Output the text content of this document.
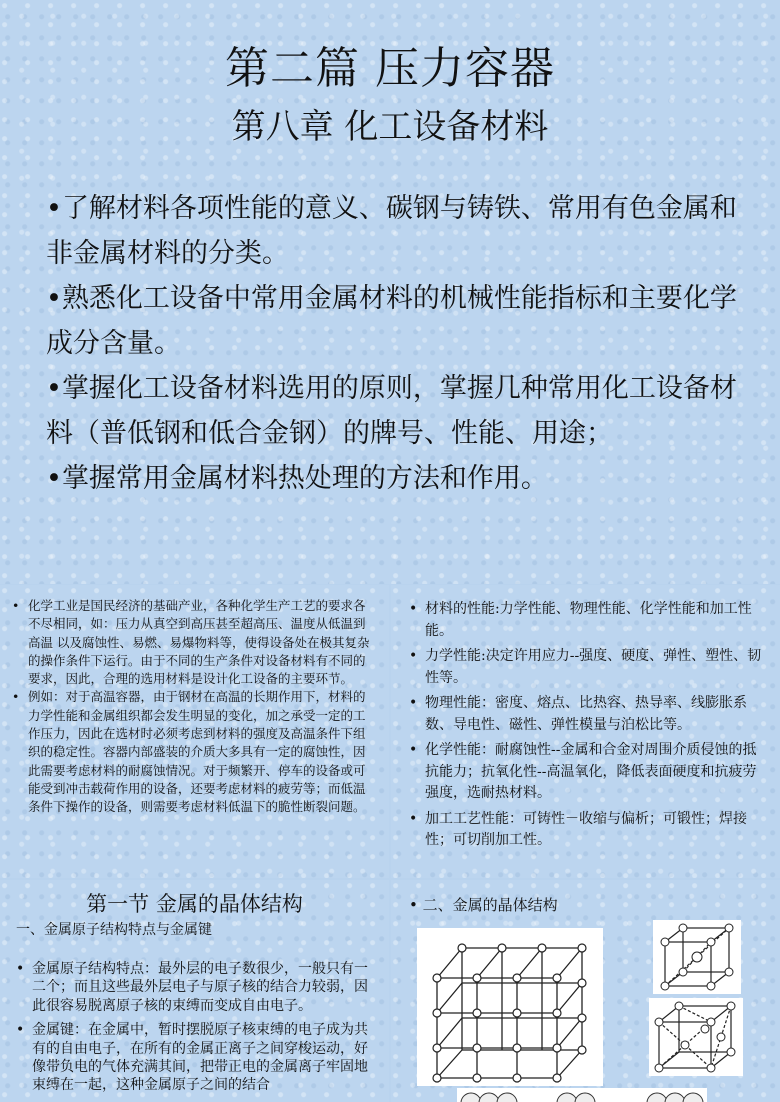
第二篇 压力容器
第八章 化工设备材料
• 了解材料各项性能的意义、碳钢与铸铁、常用有色金属和非金属材料的分类。
• 熟悉化工设备中常用金属材料的机械性能指标和主要化学成分含量。
• 掌握化工设备材料选用的原则，掌握几种常用化工设备材料（普低钢和低合金钢）的牌号、性能、用途；
• 掌握常用金属材料热处理的方法和作用。
• 化学工业是国民经济的基础产业，各种化学生产工艺的要求各不尽相同，如：压力从真空到高压甚至超高压、温度从低温到高温 以及腐蚀性、易燃、易爆物料等，使得设备处在极其复杂的操作条件下运行。由于不同的生产条件对设备材料有不同的要求，因此，合理的选用材料是设计化工设备的主要环节。
• 例如：对于高温容器，由于钢材在高温的长期作用下，材料的力学性能和金属组织都会发生明显的变化，加之承受一定的工作压力，因此在选材时必须考虑到材料的强度及高温条件下组织的稳定性。容器内部盛装的介质大多具有一定的腐蚀性，因此需要考虑材料的耐腐蚀情况。对于频繁开、停车的设备或可能受到冲击载荷作用的设备，还要考虑材料的疲劳等；而低温条件下操作的设备，则需要考虑材料低温下的脆性断裂问题。
• 材料的性能:力学性能、物理性能、化学性能和加工性能。
• 力学性能:决定许用应力--强度、硬度、弹性、塑性、韧性等。
• 物理性能：密度、熔点、比热容、热导率、线膨胀系数、导电性、磁性、弹性模量与泊松比等。
• 化学性能：耐腐蚀性--金属和合金对周围介质侵蚀的抵抗能力；抗氧化性--高温氧化，降低表面硬度和抗疲劳强度，选耐热材料。
• 加工工艺性能：可铸性－收缩与偏析；可锻性；焊接性；可切削加工性。
第一节 金属的晶体结构
一、金属原子结构特点与金属键
• 金属原子结构特点：最外层的电子数很少，一般只有一二个；而且这些最外层电子与原子核的结合力较弱，因此很容易脱离原子核的束缚而变成自由电子。
• 金属键：在金属中，暂时摆脱原子核束缚的电子成为共有的自由电子，在所有的金属正离子之间穿梭运动，好像带负电的气体充满其间，把带正电的金属离子牢固地束缚在一起，这种金属原子之间的结合
• 二、金属的晶体结构
